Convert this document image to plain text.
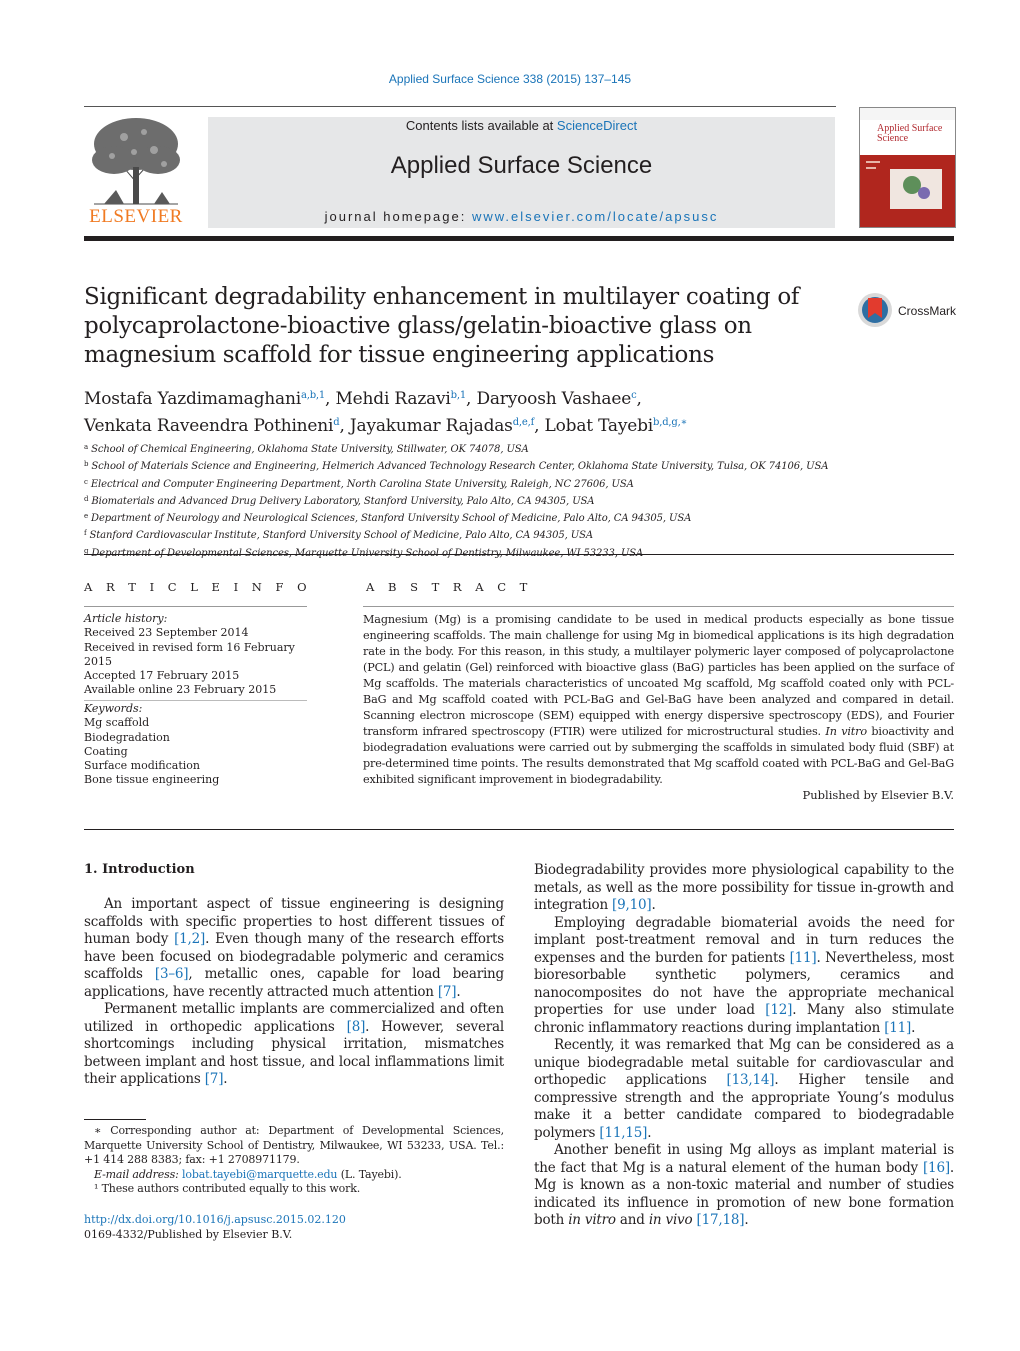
Applied Surface Science 338 (2015) 137–145
ELSEVIER
Contents lists available at ScienceDirect
Applied Surface Science
journal homepage: www.elsevier.com/locate/apsusc
Applied Surface Science
Significant degradability enhancement in multilayer coating of polycaprolactone-bioactive glass/gelatin-bioactive glass on magnesium scaffold for tissue engineering applications
CrossMark
Mostafa Yazdimamaghani$^{a,b,1}$, Mehdi Razavi$^{b,1}$, Daryoosh Vashaee$^c$,
Venkata Raveendra Pothineni$^d$, Jayakumar Rajadas$^{d,e,f}$, Lobat Tayebi$^{b,d,g,∗}$
$^a$ School of Chemical Engineering, Oklahoma State University, Stillwater, OK 74078, USA
$^b$ School of Materials Science and Engineering, Helmerich Advanced Technology Research Center, Oklahoma State University, Tulsa, OK 74106, USA
$^c$ Electrical and Computer Engineering Department, North Carolina State University, Raleigh, NC 27606, USA
$^d$ Biomaterials and Advanced Drug Delivery Laboratory, Stanford University, Palo Alto, CA 94305, USA
$^e$ Department of Neurology and Neurological Sciences, Stanford University School of Medicine, Palo Alto, CA 94305, USA
$^f$ Stanford Cardiovascular Institute, Stanford University School of Medicine, Palo Alto, CA 94305, USA
$^g$ Department of Developmental Sciences, Marquette University School of Dentistry, Milwaukee, WI 53233, USA
A R T I C L E I N F O	A B S T R A C T
Article history:
Received 23 September 2014
Received in revised form 16 February 2015
Accepted 17 February 2015
Available online 23 February 2015
Keywords:
Mg scaffold
Biodegradation
Coating
Surface modification
Bone tissue engineering
Magnesium (Mg) is a promising candidate to be used in medical products especially as bone tissue engineering scaffolds. The main challenge for using Mg in biomedical applications is its high degradation rate in the body. For this reason, in this study, a multilayer polymeric layer composed of polycaprolactone (PCL) and gelatin (Gel) reinforced with bioactive glass (BaG) particles has been applied on the surface of Mg scaffolds. The materials characteristics of uncoated Mg scaffold, Mg scaffold coated only with PCL-BaG and Mg scaffold coated with PCL-BaG and Gel-BaG have been analyzed and compared in detail. Scanning electron microscope (SEM) equipped with energy dispersive spectroscopy (EDS), and Fourier transform infrared spectroscopy (FTIR) were utilized for microstructural studies. In vitro bioactivity and biodegradation evaluations were carried out by submerging the scaffolds in simulated body fluid (SBF) at pre-determined time points. The results demonstrated that Mg scaffold coated with PCL-BaG and Gel-BaG exhibited significant improvement in biodegradability.
Published by Elsevier B.V.
1. Introduction

An important aspect of tissue engineering is designing scaffolds with specific properties to host different tissues of human body [1,2]. Even though many of the research efforts have been focused on biodegradable polymeric and ceramics scaffolds [3–6], metallic ones, capable for load bearing applications, have recently attracted much attention [7].

Permanent metallic implants are commercialized and often utilized in orthopedic applications [8]. However, several shortcomings including physical irritation, mismatches between implant and host tissue, and local inflammations limit their applications [7].

Biodegradability provides more physiological capability to the metals, as well as the more possibility for tissue in-growth and integration [9,10].

Employing degradable biomaterial avoids the need for implant post-treatment removal and in turn reduces the expenses and the burden for patients [11]. Nevertheless, most bioresorbable synthetic polymers, ceramics and nanocomposites do not have the appropriate mechanical properties for use under load [12]. Many also stimulate chronic inflammatory reactions during implantation [11].

Recently, it was remarked that Mg can be considered as a unique biodegradable metal suitable for cardiovascular and orthopedic applications [13,14]. Higher tensile and compressive strength and the appropriate Young’s modulus make it a better candidate compared to biodegradable polymers [11,15].

Another benefit in using Mg alloys as implant material is the fact that Mg is a natural element of the human body [16]. Mg is known as a non-toxic material and number of studies indicated its influence in promotion of new bone formation both in vitro and in vivo [17,18].

∗ Corresponding author at: Department of Developmental Sciences, Marquette University School of Dentistry, Milwaukee, WI 53233, USA. Tel.: +1 414 288 8383; fax: +1 2708971179.

E-mail address: lobat.tayebi@marquette.edu (L. Tayebi).

¹ These authors contributed equally to this work.

http://dx.doi.org/10.1016/j.apsusc.2015.02.120
0169-4332/Published by Elsevier B.V.
